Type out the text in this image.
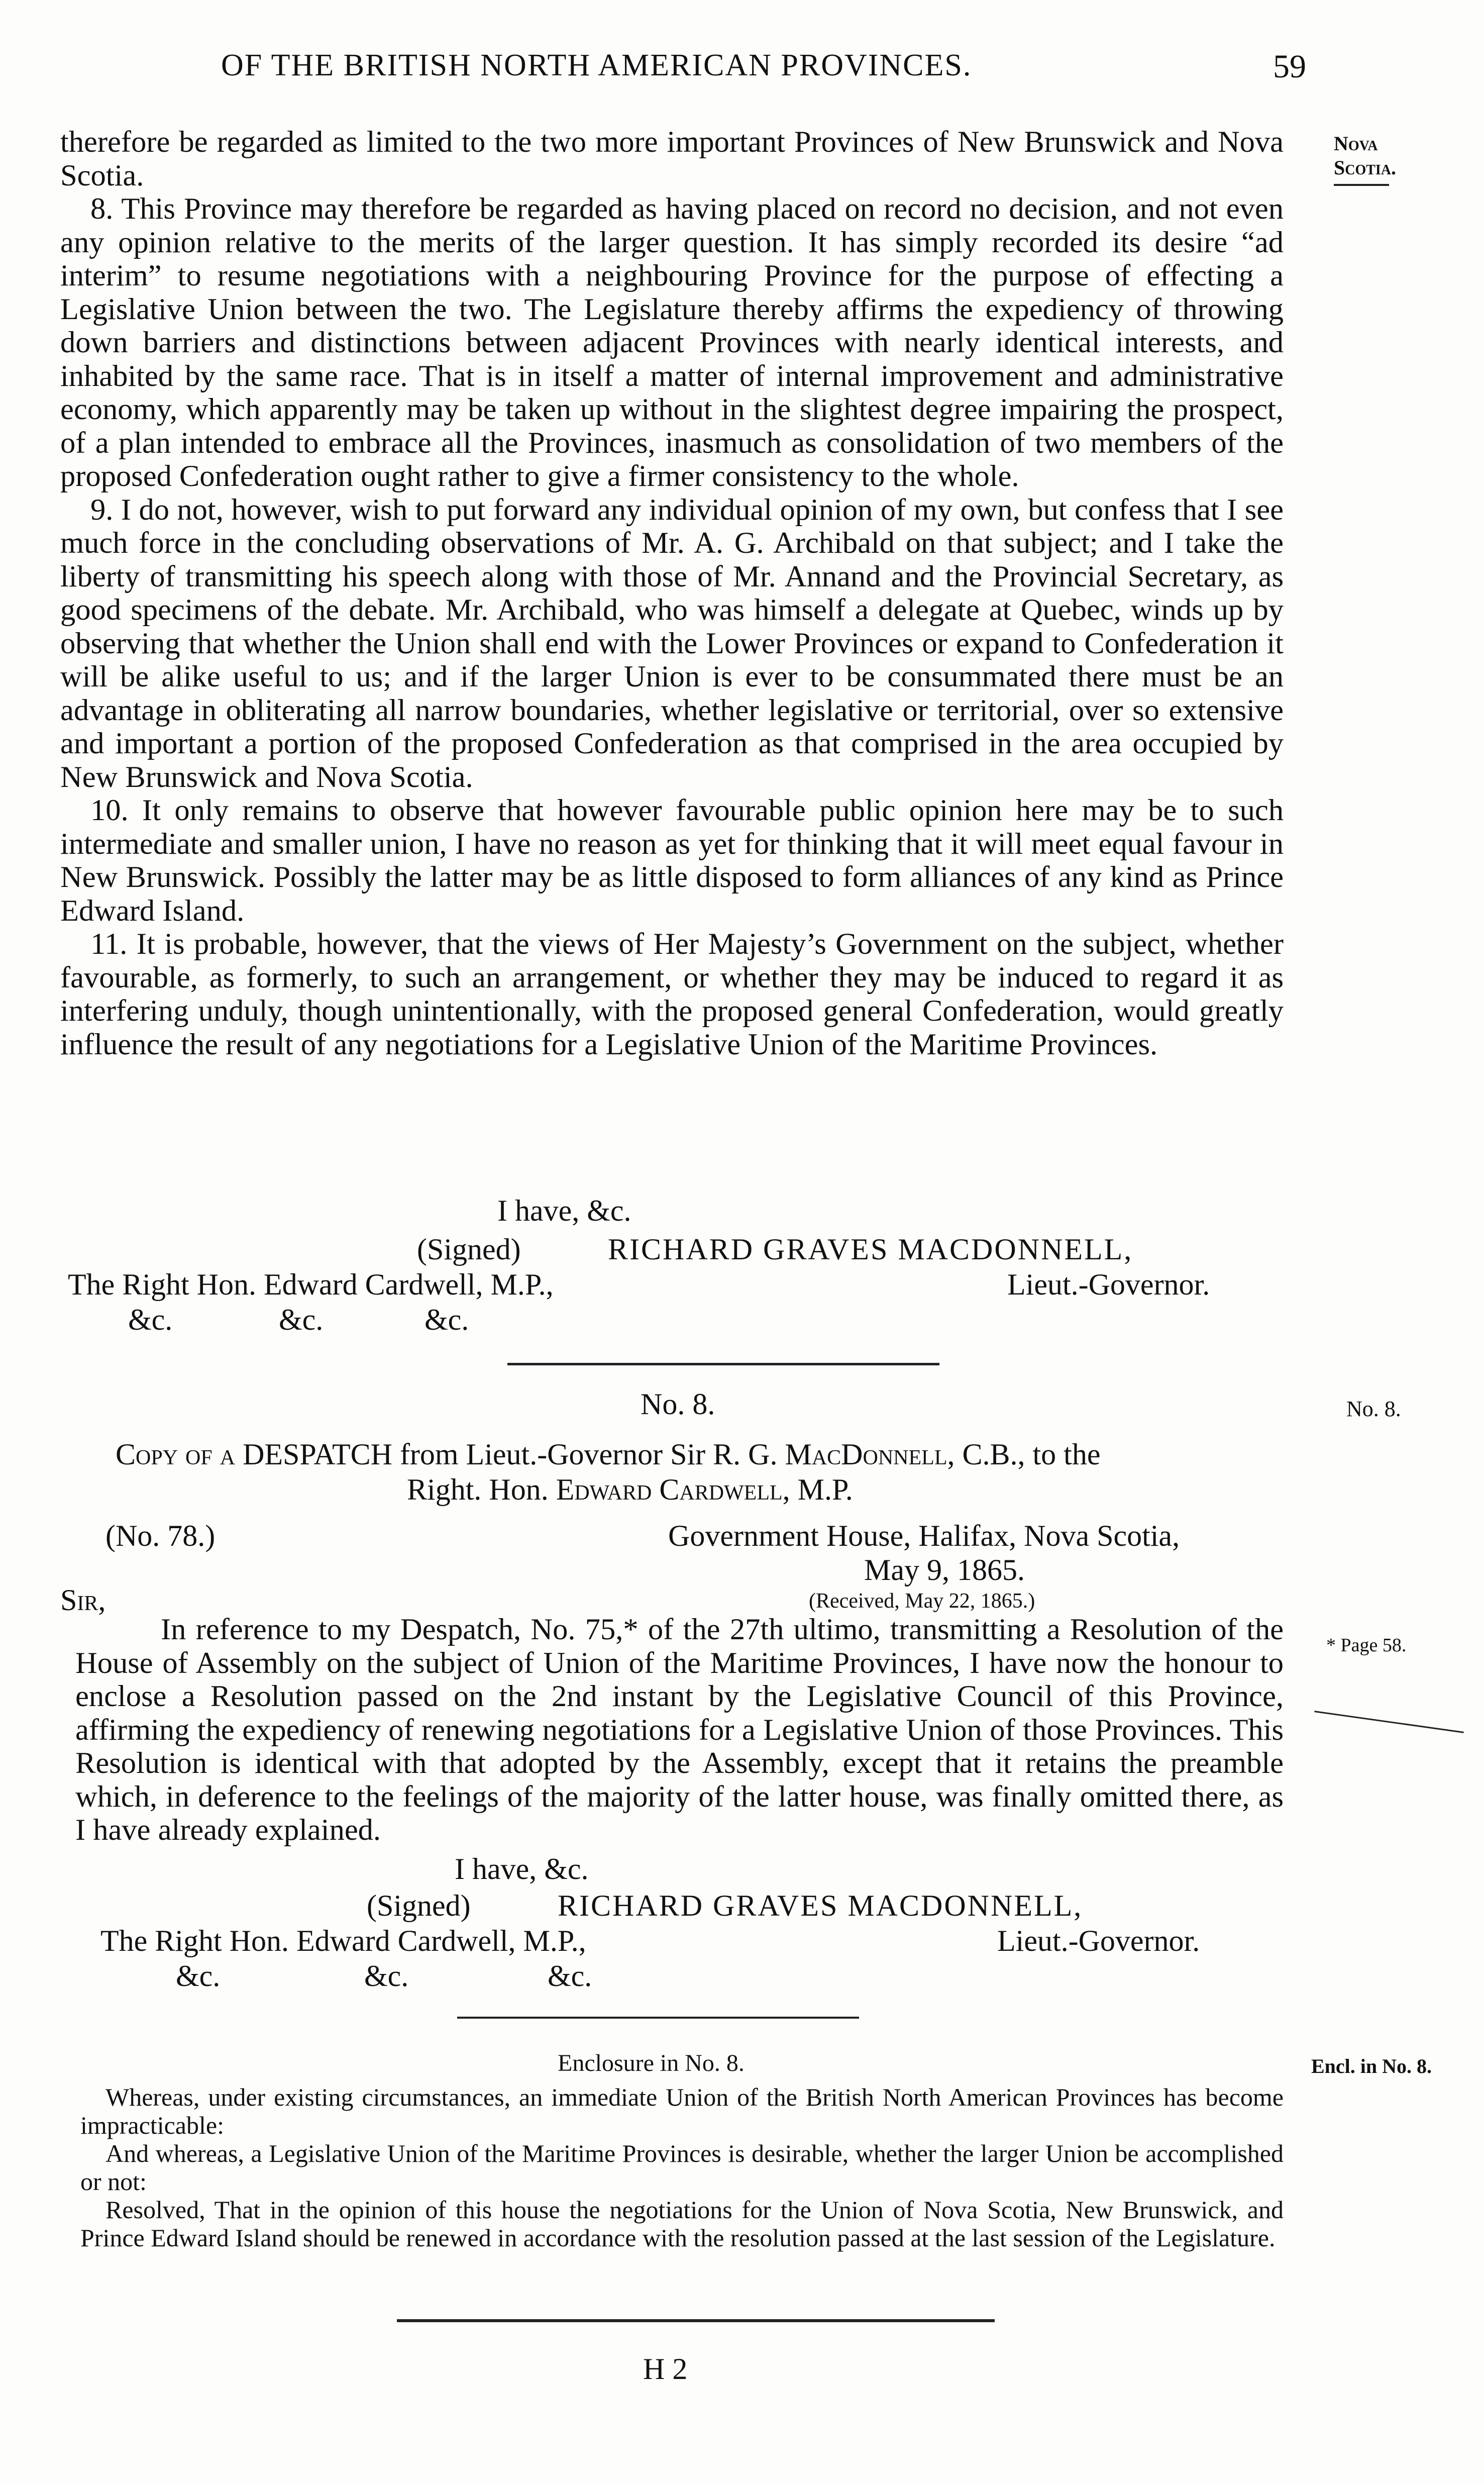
OF THE BRITISH NORTH AMERICAN PROVINCES.	59
Nova
Scotia.

therefore be regarded as limited to the two more important Provinces of New Brunswick and Nova Scotia.

8. This Province may therefore be regarded as having placed on record no decision, and not even any opinion relative to the merits of the larger question. It has simply recorded its desire “ad interim” to resume negotiations with a neighbouring Province for the purpose of effecting a Legislative Union between the two. The Legislature thereby affirms the expediency of throwing down barriers and distinctions between adjacent Provinces with nearly identical interests, and inhabited by the same race. That is in itself a matter of internal improvement and administrative economy, which apparently may be taken up without in the slightest degree impairing the prospect, of a plan intended to embrace all the Provinces, inasmuch as consolidation of two members of the proposed Confederation ought rather to give a firmer consistency to the whole.

9. I do not, however, wish to put forward any individual opinion of my own, but confess that I see much force in the concluding observations of Mr. A. G. Archibald on that subject; and I take the liberty of transmitting his speech along with those of Mr. Annand and the Provincial Secretary, as good specimens of the debate. Mr. Archibald, who was himself a delegate at Quebec, winds up by observing that whether the Union shall end with the Lower Provinces or expand to Confederation it will be alike useful to us; and if the larger Union is ever to be consummated there must be an advantage in obliterating all narrow boundaries, whether legislative or territorial, over so extensive and important a portion of the proposed Confederation as that comprised in the area occupied by New Brunswick and Nova Scotia.

10. It only remains to observe that however favourable public opinion here may be to such intermediate and smaller union, I have no reason as yet for thinking that it will meet equal favour in New Brunswick. Possibly the latter may be as little disposed to form alliances of any kind as Prince Edward Island.

11. It is probable, however, that the views of Her Majesty’s Government on the subject, whether favourable, as formerly, to such an arrangement, or whether they may be induced to regard it as interfering unduly, though unintentionally, with the proposed general Confederation, would greatly influence the result of any negotiations for a Legislative Union of the Maritime Provinces.

I have, &c.
(Signed)	RICHARD GRAVES MACDONNELL,
The Right Hon. Edward Cardwell, M.P.,	Lieut.-Governor.
&c.	&c.	&c.
No. 8.	No. 8.
Copy of a DESPATCH from Lieut.-Governor Sir R. G. MacDonnell, C.B., to the
Right. Hon. Edward Cardwell, M.P.
(No. 78.)	Government House, Halifax, Nova Scotia,
May 9, 1865.
Sir,	(Received, May 22, 1865.)

In reference to my Despatch, No. 75,* of the 27th ultimo, transmitting a Resolution of the House of Assembly on the subject of Union of the Maritime Provinces, I have now the honour to enclose a Resolution passed on the 2nd instant by the Legislative Council of this Province, affirming the expediency of renewing negotiations for a Legislative Union of those Provinces. This Resolution is identical with that adopted by the Assembly, except that it retains the preamble which, in deference to the feelings of the majority of the latter house, was finally omitted there, as I have already explained.

* Page 58.
I have, &c.
(Signed)	RICHARD GRAVES MACDONNELL,
The Right Hon. Edward Cardwell, M.P.,	Lieut.-Governor.
&c.	&c.	&c.
Enclosure in No. 8.	Encl. in No. 8.

Whereas, under existing circumstances, an immediate Union of the British North American Provinces has become impracticable:

And whereas, a Legislative Union of the Maritime Provinces is desirable, whether the larger Union be accomplished or not:

Resolved, That in the opinion of this house the negotiations for the Union of Nova Scotia, New Brunswick, and Prince Edward Island should be renewed in accordance with the resolution passed at the last session of the Legislature.

H 2
